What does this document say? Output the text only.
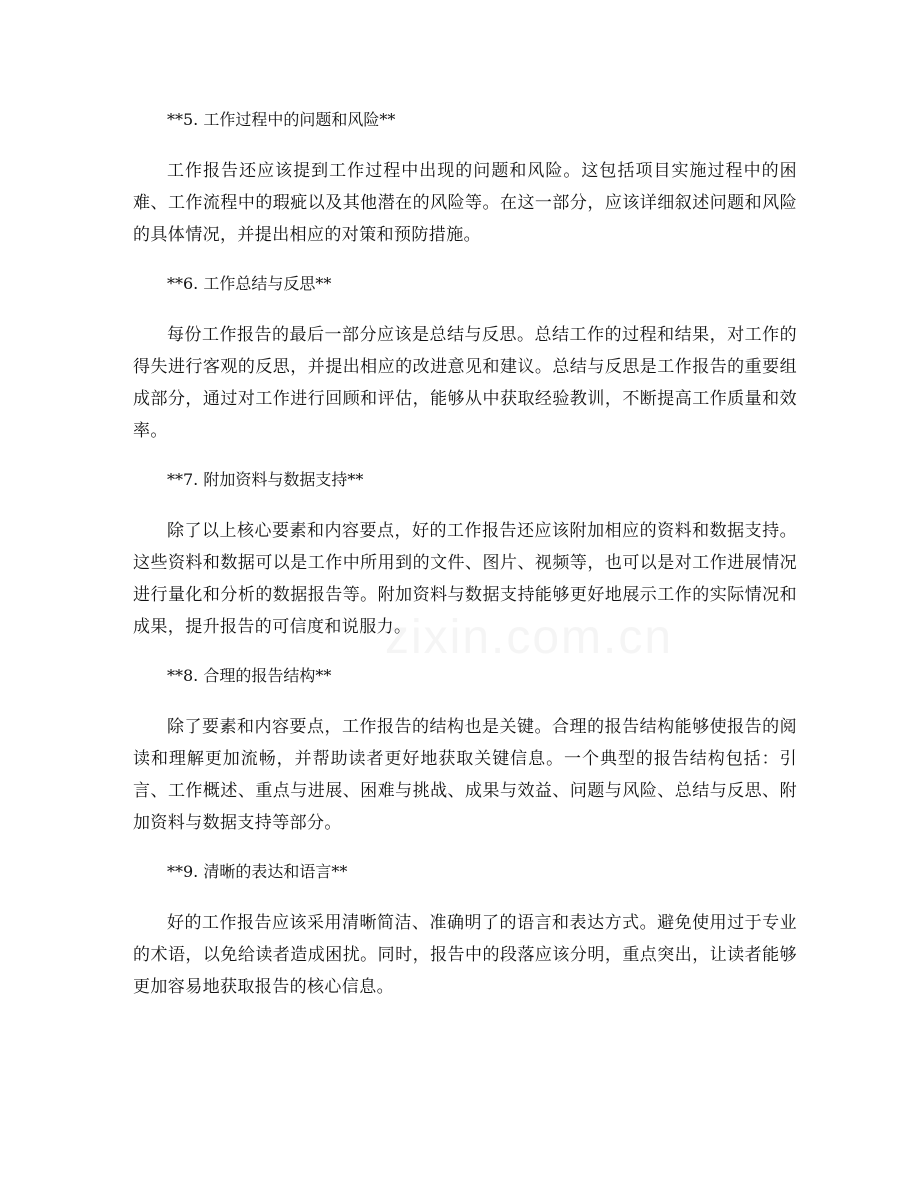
**5. 工作过程中的问题和风险**

工作报告还应该提到工作过程中出现的问题和风险。这包括项目实施过程中的困难、工作流程中的瑕疵以及其他潜在的风险等。在这一部分，应该详细叙述问题和风险的具体情况，并提出相应的对策和预防措施。

**6. 工作总结与反思**

每份工作报告的最后一部分应该是总结与反思。总结工作的过程和结果，对工作的得失进行客观的反思，并提出相应的改进意见和建议。总结与反思是工作报告的重要组成部分，通过对工作进行回顾和评估，能够从中获取经验教训，不断提高工作质量和效率。

**7. 附加资料与数据支持**

除了以上核心要素和内容要点，好的工作报告还应该附加相应的资料和数据支持。这些资料和数据可以是工作中所用到的文件、图片、视频等，也可以是对工作进展情况进行量化和分析的数据报告等。附加资料与数据支持能够更好地展示工作的实际情况和成果，提升报告的可信度和说服力。

**8. 合理的报告结构**

除了要素和内容要点，工作报告的结构也是关键。合理的报告结构能够使报告的阅读和理解更加流畅，并帮助读者更好地获取关键信息。一个典型的报告结构包括：引言、工作概述、重点与进展、困难与挑战、成果与效益、问题与风险、总结与反思、附加资料与数据支持等部分。

**9. 清晰的表达和语言**

好的工作报告应该采用清晰简洁、准确明了的语言和表达方式。避免使用过于专业的术语，以免给读者造成困扰。同时，报告中的段落应该分明，重点突出，让读者能够更加容易地获取报告的核心信息。

zixin.com.cn
